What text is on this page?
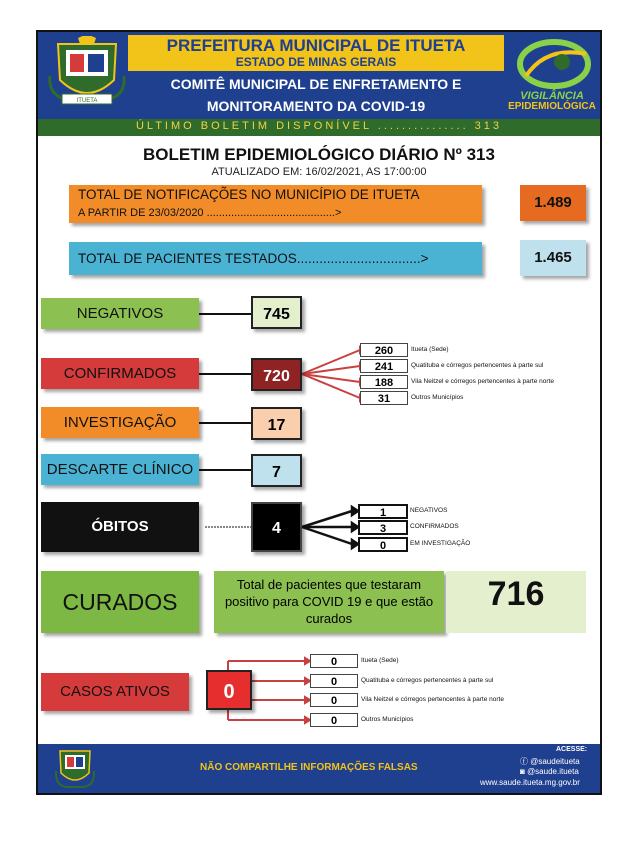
PREFEITURA MUNICIPAL DE ITUETA
ESTADO DE MINAS GERAIS
COMITÊ MUNICIPAL DE ENFRETAMENTO E
MONITORAMENTO DA COVID-19
ITUETA	VIGILÂNCIA
EPIDEMIOLÓGICA
ÚLTIMO BOLETIM DISPONÍVEL ............... 313
BOLETIM EPIDEMIOLÓGICO DIÁRIO Nº 313
ATUALIZADO EM: 16/02/2021, AS 17:00:00
TOTAL DE NOTIFICAÇÕES NO MUNICÍPIO DE ITUETA
A PARTIR DE 23/03/2020 ..........................................>
1.489
TOTAL DE PACIENTES TESTADOS.................................>	1.465
NEGATIVOS	745
CONFIRMADOS	720
260	Itueta (Sede)
241	Quatituba e córregos pertencentes à parte sul
188	Vila Neitzel e córregos pertencentes à parte norte
31	Outros Municípios
INVESTIGAÇÃO	17
DESCARTE CLÍNICO	7
ÓBITOS	4
1	NEGATIVOS
3	CONFIRMADOS
0	EM INVESTIGAÇÃO
CURADOS
Total de pacientes que testaram positivo para COVID 19 e que estão curados
716
CASOS ATIVOS	0
0	Itueta (Sede)
0	Quatituba e córregos pertencentes à parte sul
0	Vila Neitzel e córregos pertencentes à parte norte
0	Outros Municípios
NÃO COMPARTILHE INFORMAÇÕES FALSAS
ACESSE:
ⓕ @saudeitueta
◙ @saude.itueta
www.saude.itueta.mg.gov.br
